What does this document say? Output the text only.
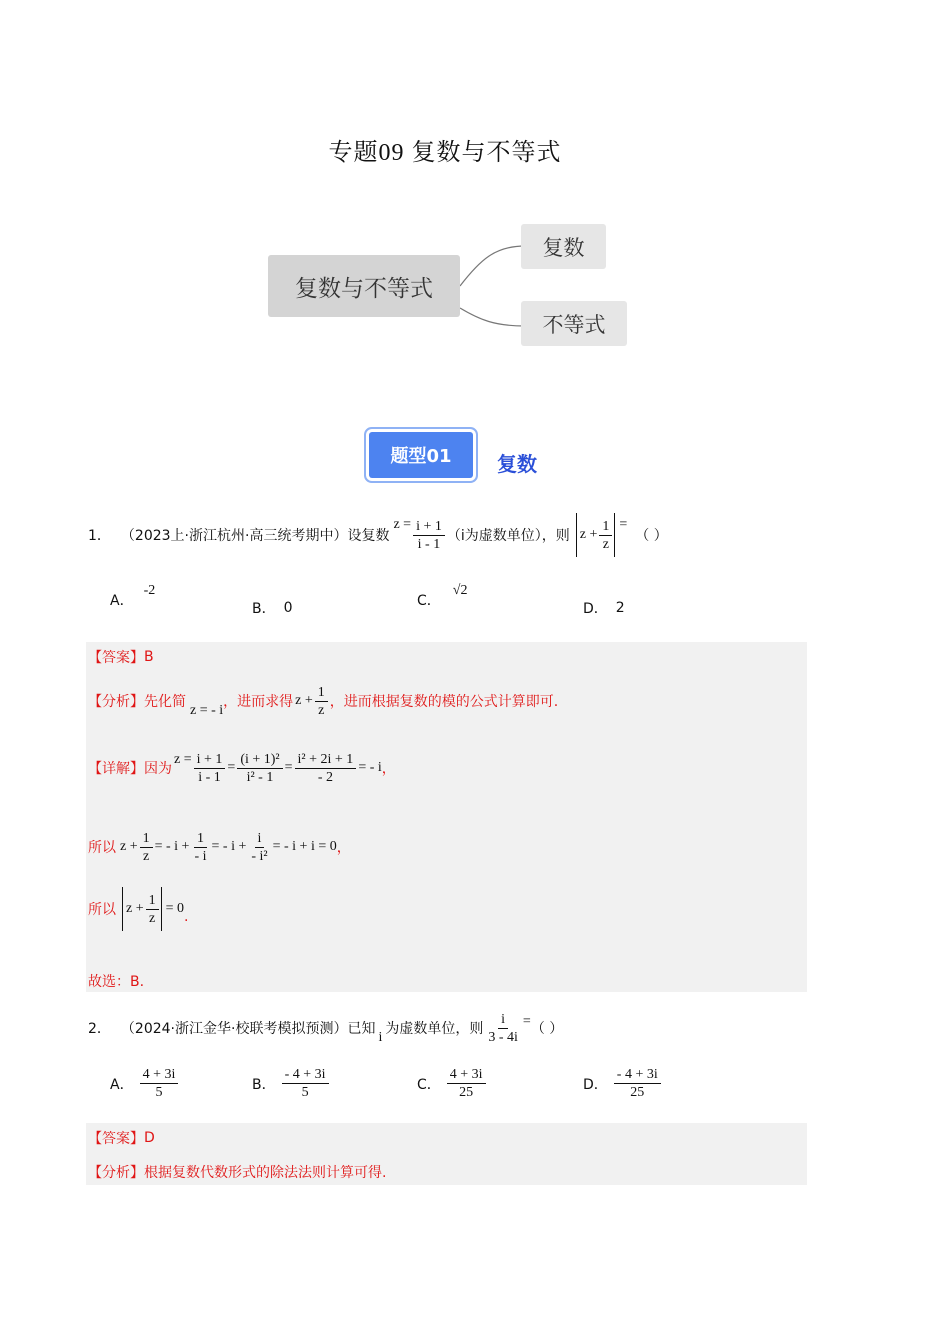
专题09 复数与不等式
复数与不等式
复数
不等式
题型01	复数
1． （2023上·浙江杭州·高三统考期中）设复数
$z = \frac{i + 1}{i - 1} (i$为虚数单位），则 $z + \frac{1}{z}$ =
（ ）
A．
-2
B． 0	C．
√2
D． 2
【答案】 B
【分析】 先化简
z = - i
，进而求得 $z + \frac{1}{z}$ ，进而根据复数的模的公式计算即可.
【详解】 因为
$z = \frac{i + 1}{i - 1} = \frac{\text{(i + 1)²}}{\text{i² - 1}} = \frac{\text{i² + 2i + 1}}{- 2}$ = - i ，
所以 $z + \frac{1}{z}$ = - $i + \frac{1}{- i}$ = - $i + \frac{i}{\text{- i²}}$ = - i + i = 0 ，
所以 $z + \frac{1}{z} = 0$
.
故选：B.
2． （2024·浙江金华·校联考模拟预测）已知
i
为虚数单位，则 $\frac{i}{3 - 4i}$ = （ ）
A． $\frac{4 + 3i}{5}$	B． $\frac{- 4 + 3i}{5}$	C． $\frac{4 + 3i}{25}$	D． $\frac{- 4 + 3i}{25}$
【答案】 D
【分析】 根据复数代数形式的除法法则计算可得.
